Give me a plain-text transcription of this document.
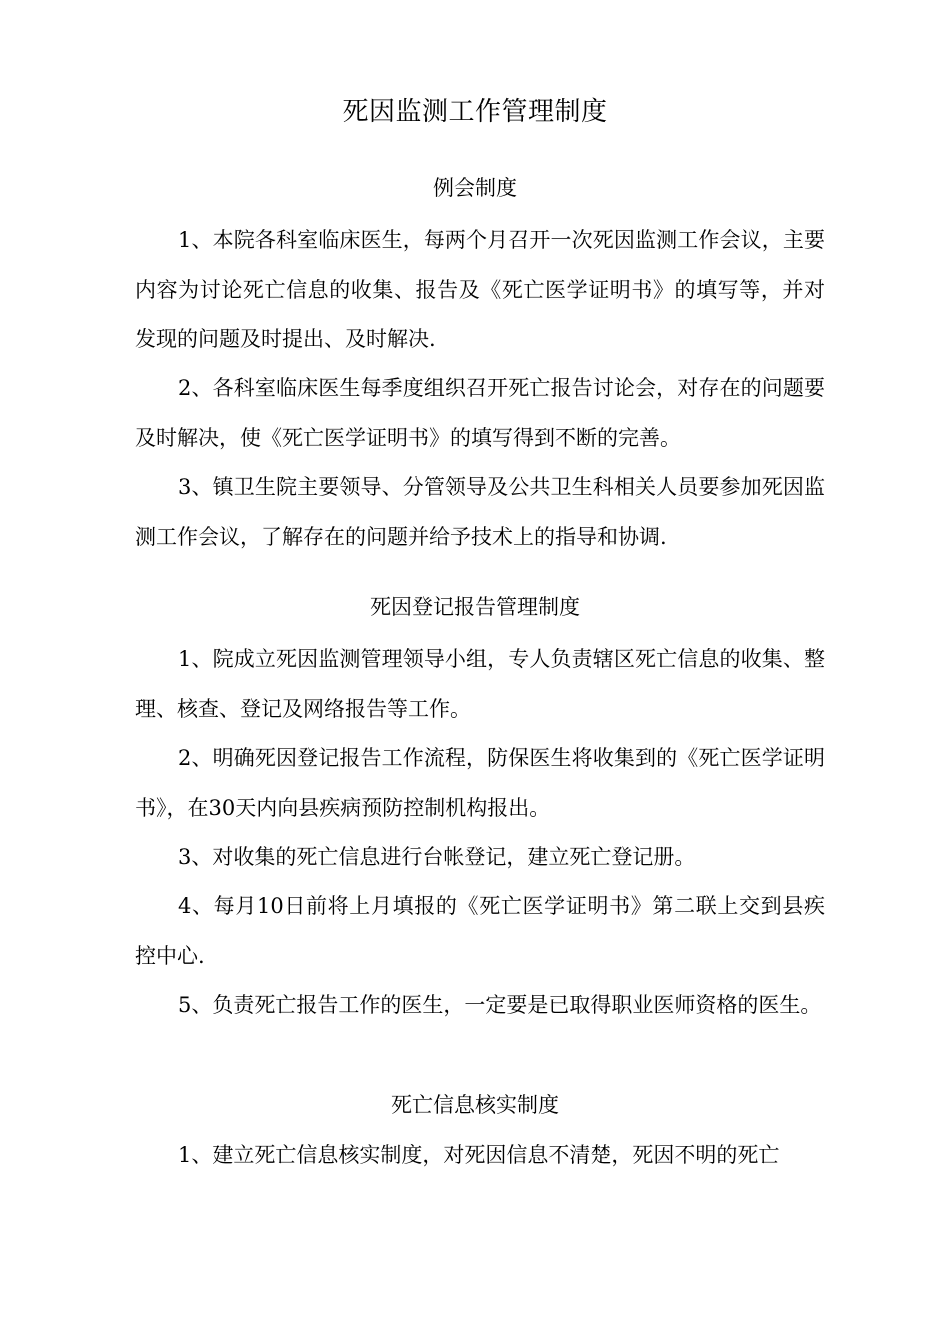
死因监测工作管理制度
例会制度

1、本院各科室临床医生，每两个月召开一次死因监测工作会议，主要内容为讨论死亡信息的收集、报告及《死亡医学证明书》的填写等，并对发现的问题及时提出、及时解决.

2、各科室临床医生每季度组织召开死亡报告讨论会，对存在的问题要及时解决，使《死亡医学证明书》的填写得到不断的完善。

3、镇卫生院主要领导、分管领导及公共卫生科相关人员要参加死因监测工作会议，了解存在的问题并给予技术上的指导和协调.

死因登记报告管理制度

1、院成立死因监测管理领导小组，专人负责辖区死亡信息的收集、整理、核查、登记及网络报告等工作。

2、明确死因登记报告工作流程，防保医生将收集到的《死亡医学证明书》，在30天内向县疾病预防控制机构报出。

3、对收集的死亡信息进行台帐登记，建立死亡登记册。

4、每月10日前将上月填报的《死亡医学证明书》第二联上交到县疾控中心.

5、负责死亡报告工作的医生，一定要是已取得职业医师资格的医生。

死亡信息核实制度

1、建立死亡信息核实制度，对死因信息不清楚，死因不明的死亡
